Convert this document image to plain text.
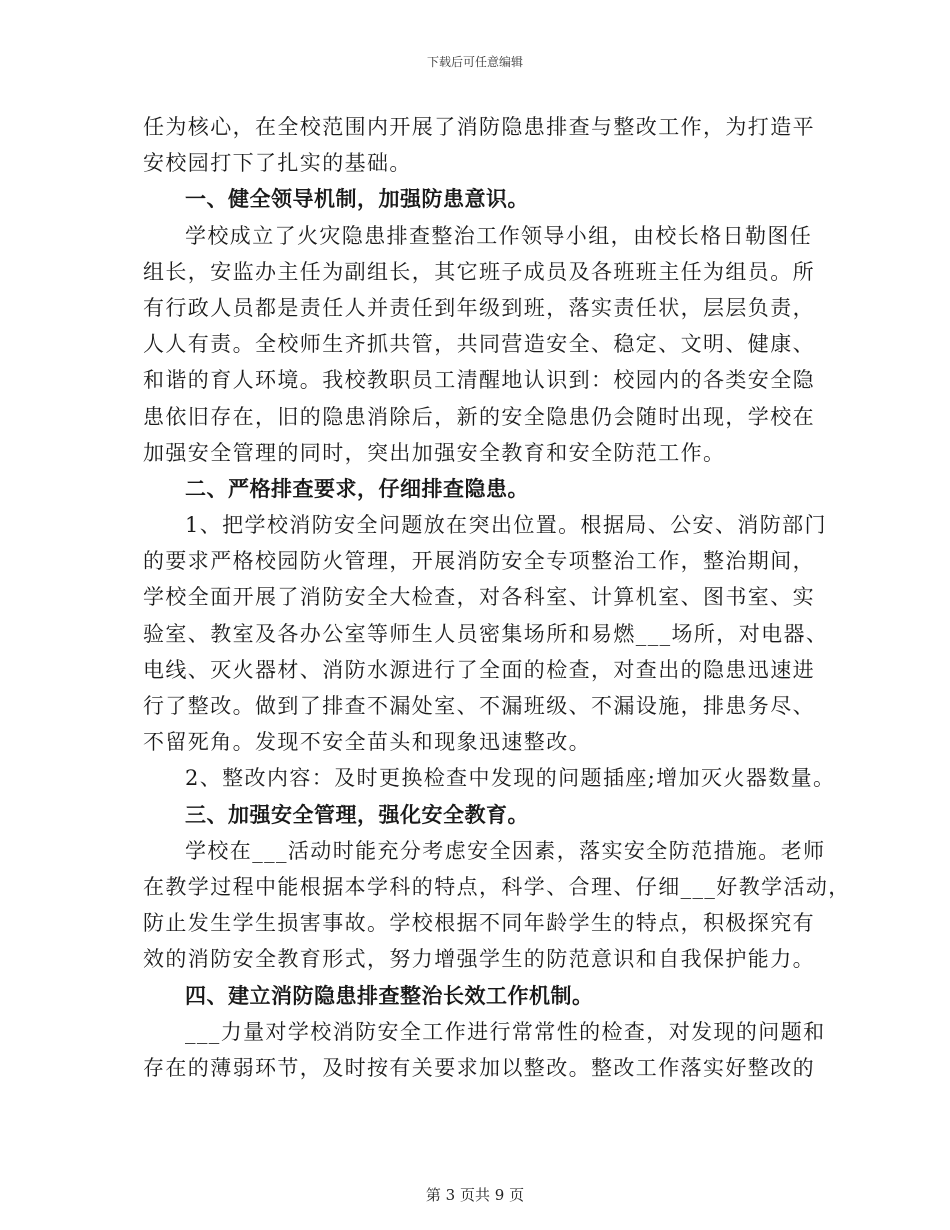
下载后可任意编辑
任为核心，在全校范围内开展了消防隐患排查与整改工作，为打造平
安校园打下了扎实的基础。
一、健全领导机制，加强防患意识。
学校成立了火灾隐患排查整治工作领导小组，由校长格日勒图任
组长，安监办主任为副组长，其它班子成员及各班班主任为组员。所
有行政人员都是责任人并责任到年级到班，落实责任状，层层负责，
人人有责。全校师生齐抓共管，共同营造安全、稳定、文明、健康、
和谐的育人环境。我校教职员工清醒地认识到：校园内的各类安全隐
患依旧存在，旧的隐患消除后，新的安全隐患仍会随时出现，学校在
加强安全管理的同时，突出加强安全教育和安全防范工作。
二、严格排查要求，仔细排查隐患。
1、把学校消防安全问题放在突出位置。根据局、公安、消防部门
的要求严格校园防火管理，开展消防安全专项整治工作，整治期间，
学校全面开展了消防安全大检查，对各科室、计算机室、图书室、实
验室、教室及各办公室等师生人员密集场所和易燃___场所，对电器、
电线、灭火器材、消防水源进行了全面的检查，对查出的隐患迅速进
行了整改。做到了排查不漏处室、不漏班级、不漏设施，排患务尽、
不留死角。发现不安全苗头和现象迅速整改。
2、整改内容：及时更换检查中发现的问题插座;增加灭火器数量。
三、加强安全管理，强化安全教育。
学校在___活动时能充分考虑安全因素，落实安全防范措施。老师
在教学过程中能根据本学科的特点，科学、合理、仔细___好教学活动，
防止发生学生损害事故。学校根据不同年龄学生的特点，积极探究有
效的消防安全教育形式，努力增强学生的防范意识和自我保护能力。
四、建立消防隐患排查整治长效工作机制。
___力量对学校消防安全工作进行常常性的检查，对发现的问题和
存在的薄弱环节，及时按有关要求加以整改。整改工作落实好整改的
第 3 页共 9 页
